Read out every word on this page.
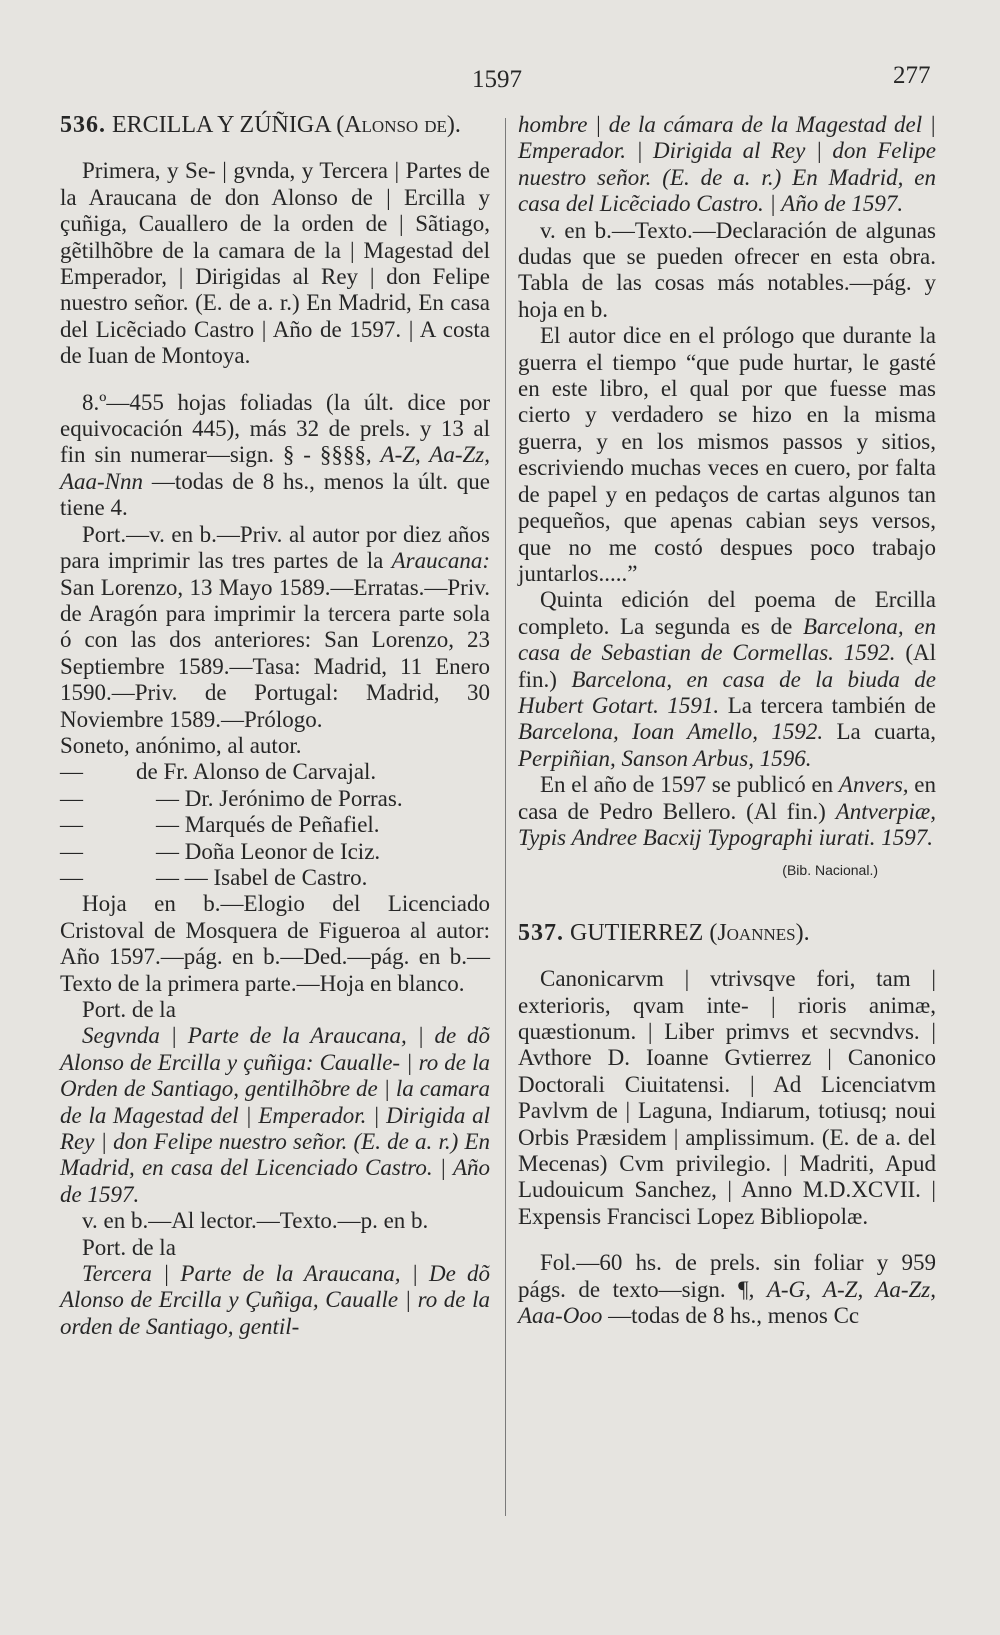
1597	277

536. ERCILLA Y ZÚÑIGA (Alonso de).

Primera, y Se- | gvnda, y Tercera | Partes de la Araucana de don Alonso de | Ercilla y çuñiga, Cauallero de la orden de | Sãtiago, gẽtilhõbre de la camara de la | Magestad del Emperador, | Dirigidas al Rey | don Felipe nuestro señor. (E. de a. r.) En Madrid, En casa del Licẽciado Castro | Año de 1597. | A costa de Iuan de Montoya.

8.º—455 hojas foliadas (la últ. dice por equivocación 445), más 32 de prels. y 13 al fin sin numerar—sign. § - §§§§, A-Z, Aa-Zz, Aaa-Nnn —todas de 8 hs., menos la últ. que tiene 4.

Port.—v. en b.—Priv. al autor por diez años para imprimir las tres partes de la Araucana: San Lorenzo, 13 Mayo 1589.—Erratas.—Priv. de Aragón para imprimir la tercera parte sola ó con las dos anteriores: San Lorenzo, 23 Septiembre 1589.—Tasa: Madrid, 11 Enero 1590.—Priv. de Portugal: Madrid, 30 Noviembre 1589.—Prólogo.

Soneto, anónimo, al autor.
—	de Fr. Alonso de Carvajal.
—	— Dr. Jerónimo de Porras.
—	— Marqués de Peñafiel.
—	— Doña Leonor de Iciz.
—	— — Isabel de Castro.

Hoja en b.—Elogio del Licenciado Cristoval de Mosquera de Figueroa al autor: Año 1597.—pág. en b.—Ded.—pág. en b.—Texto de la primera parte.—Hoja en blanco.

Port. de la

Segvnda | Parte de la Araucana, | de dõ Alonso de Ercilla y çuñiga: Caualle- | ro de la Orden de Santiago, gentilhõbre de | la camara de la Magestad del | Emperador. | Dirigida al Rey | don Felipe nuestro señor. (E. de a. r.) En Madrid, en casa del Licenciado Castro. | Año de 1597.

v. en b.—Al lector.—Texto.—p. en b.

Port. de la

Tercera | Parte de la Araucana, | De dõ Alonso de Ercilla y Çuñiga, Caualle | ro de la orden de Santiago, gentil-

hombre | de la cámara de la Magestad del | Emperador. | Dirigida al Rey | don Felipe nuestro señor. (E. de a. r.) En Madrid, en casa del Licẽciado Castro. | Año de 1597.

v. en b.—Texto.—Declaración de algunas dudas que se pueden ofrecer en esta obra. Tabla de las cosas más notables.—pág. y hoja en b.

El autor dice en el prólogo que durante la guerra el tiempo “que pude hurtar, le gasté en este libro, el qual por que fuesse mas cierto y verdadero se hizo en la misma guerra, y en los mismos passos y sitios, escriviendo muchas veces en cuero, por falta de papel y en pedaços de cartas algunos tan pequeños, que apenas cabian seys versos, que no me costó despues poco trabajo juntarlos.....”

Quinta edición del poema de Ercilla completo. La segunda es de Barcelona, en casa de Sebastian de Cormellas. 1592. (Al fin.) Barcelona, en casa de la biuda de Hubert Gotart. 1591. La tercera también de Barcelona, Ioan Amello, 1592. La cuarta, Perpiñian, Sanson Arbus, 1596.

En el año de 1597 se publicó en Anvers, en casa de Pedro Bellero. (Al fin.) Antverpiæ, Typis Andree Bacxij Typographi iurati. 1597.

(Bib. Nacional.)

537. GUTIERREZ (Joannes).

Canonicarvm | vtrivsqve fori, tam | exterioris, qvam inte- | rioris animæ, quæstionum. | Liber primvs et secvndvs. | Avthore D. Ioanne Gvtierrez | Canonico Doctorali Ciuitatensi. | Ad Licenciatvm Pavlvm de | Laguna, Indiarum, totiusq; noui Orbis Præsidem | amplissimum. (E. de a. del Mecenas) Cvm privilegio. | Madriti, Apud Ludouicum Sanchez, | Anno M.D.XCVII. | Expensis Francisci Lopez Bibliopolæ.

Fol.—60 hs. de prels. sin foliar y 959 págs. de texto—sign. ¶, A-G, A-Z, Aa-Zz, Aaa-Ooo —todas de 8 hs., menos Cc
